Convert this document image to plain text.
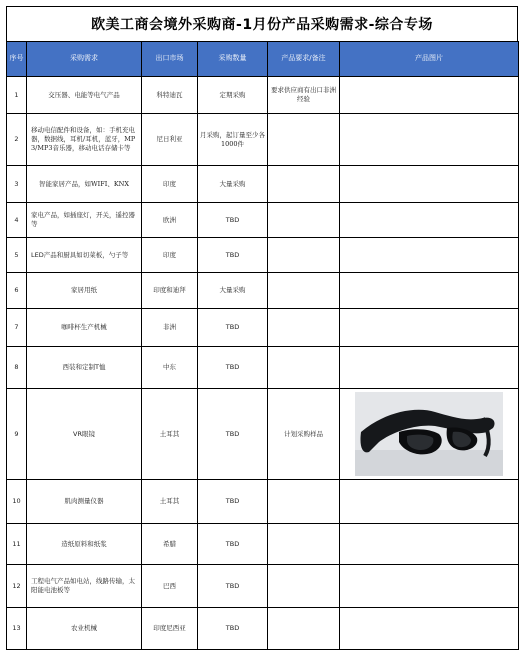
欧美工商会境外采购商-1月份产品采购需求-综合专场
序号	采购需求	出口市场	采购数量	产品要求/备注	产品图片
1	交压器、电能等电气产品	科特迪瓦	定期采购	要求供应商有出口非洲经验	
2	移动电信配件和设备，如：手机充电器，数据线，耳机/耳机，蓝牙，MP3/MP3音乐器，移动电话存储卡等	尼日利亚	月采购，起订量至少各1000件		
3	智能家居产品，如WIFI、KNX	印度	大量采购		
4	家电产品，如插座灯，开关，遥控器等	欧洲	TBD		
5	LED产品和厨具如切菜板，勺子等	印度	TBD		
6	家居用纸	印度和迪拜	大量采购		
7	咖啡杯生产机械	非洲	TBD		
8	西装和定制T恤	中东	TBD		
9	VR眼镜	土耳其	TBD	计划采购样品	

10	肌肉测量仪器	土耳其	TBD		
11	造纸原料和纸浆	希腊	TBD		
12	工程电气产品如电站，线路传输，太阳能电池板等	巴西	TBD		
13	农业机械	印度尼西亚	TBD		
